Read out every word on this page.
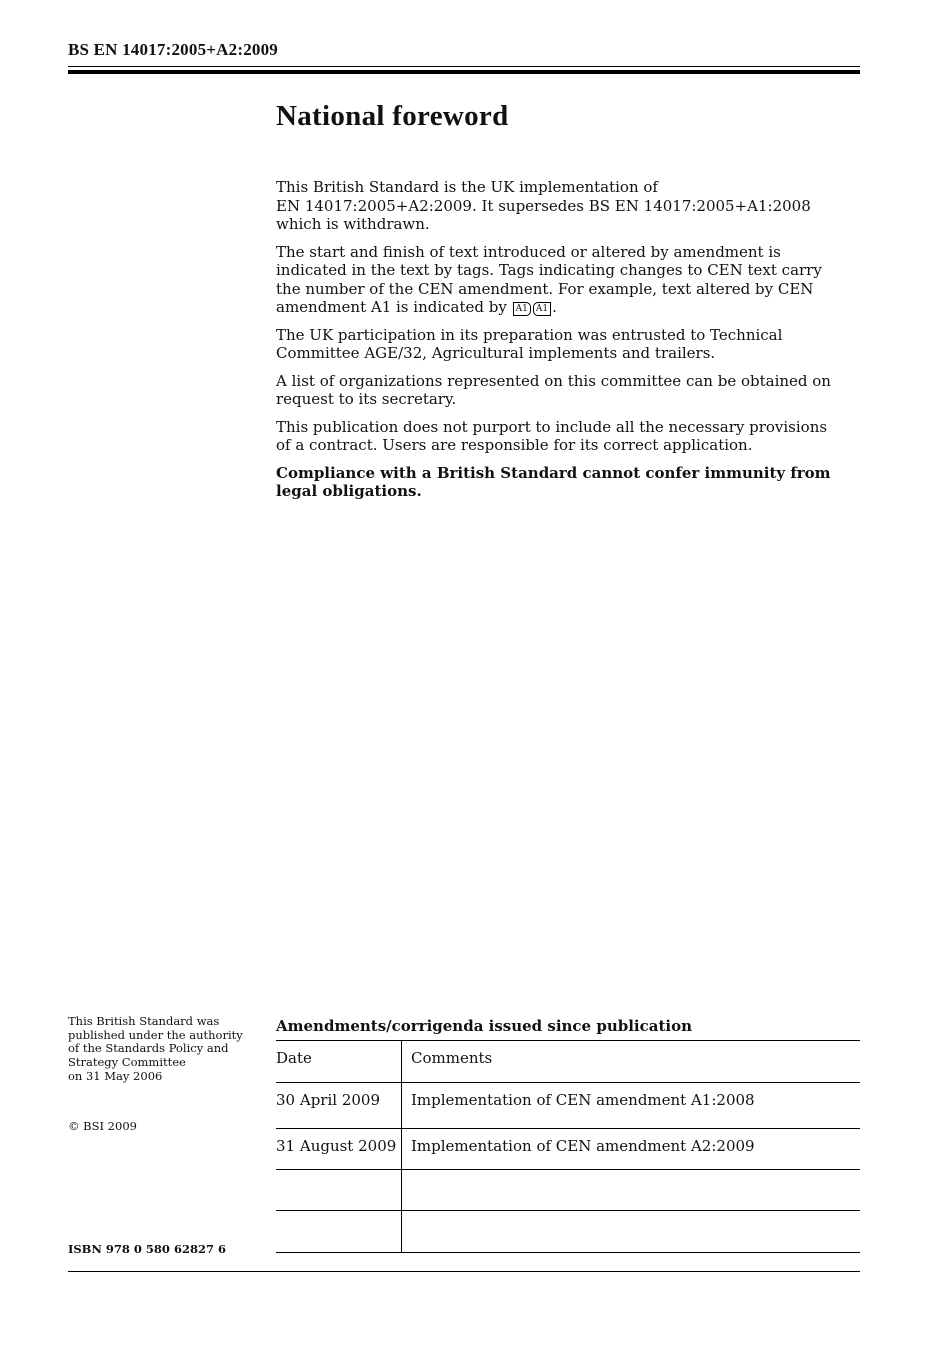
BS EN 14017:2005+A2:2009
National foreword

This British Standard is the UK implementation of
EN 14017:2005+A2:2009. It supersedes BS EN 14017:2005+A1:2008 which is withdrawn.

The start and finish of text introduced or altered by amendment is indicated in the text by tags. Tags indicating changes to CEN text carry the number of the CEN amendment. For example, text altered by CEN amendment A1 is indicated by A1 A1 .

The UK participation in its preparation was entrusted to Technical Committee AGE/32, Agricultural implements and trailers.

A list of organizations represented on this committee can be obtained on request to its secretary.

This publication does not purport to include all the necessary provisions of a contract. Users are responsible for its correct application.

Compliance with a British Standard cannot confer immunity from legal obligations.

This British Standard was
published under the authority
of the Standards Policy and
Strategy Committee
on 31 May 2006
© BSI 2009
ISBN 978 0 580 62827 6
Amendments/corrigenda issued since publication
Date	Comments
30 April 2009	Implementation of CEN amendment A1:2008
31 August 2009	Implementation of CEN amendment A2:2009
